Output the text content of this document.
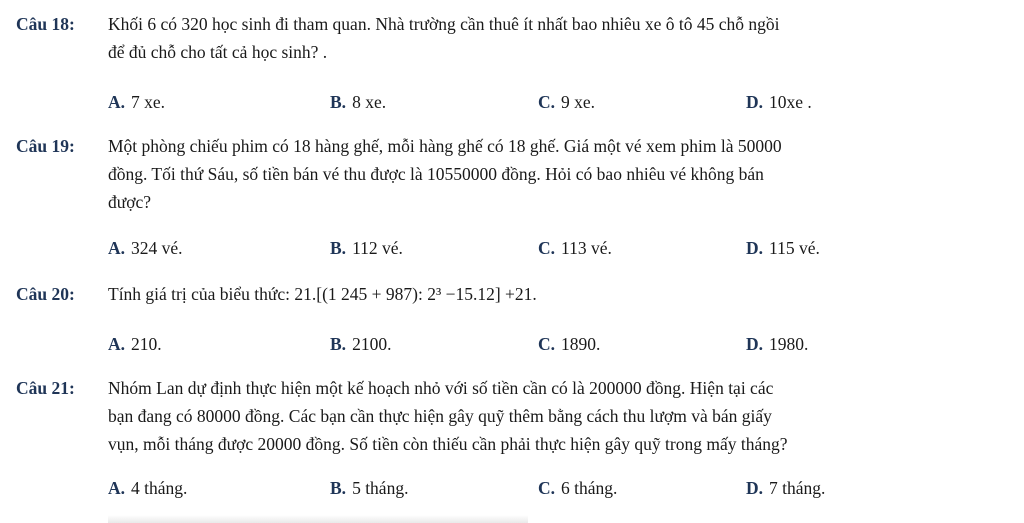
Câu 18: Khối 6 có 320 học sinh đi tham quan. Nhà trường cần thuê ít nhất bao nhiêu xe ô tô 45 chỗ ngồi
để đủ chỗ cho tất cả học sinh? .
A. 7 xe.	B. 8 xe.	C. 9 xe.	D. 10xe .
Câu 19: Một phòng chiếu phim có 18 hàng ghế, mỗi hàng ghế có 18 ghế. Giá một vé xem phim là 50000
đồng. Tối thứ Sáu, số tiền bán vé thu được là 10550000 đồng. Hỏi có bao nhiêu vé không bán
được?
A. 324 vé.	B. 112 vé.	C. 113 vé.	D. 115 vé.
Câu 20: Tính giá trị của biểu thức: 21.[(1 245 + 987): 2³ −15.12] +21.
A. 210.	B. 2100.	C. 1890.	D. 1980.
Câu 21: Nhóm Lan dự định thực hiện một kế hoạch nhỏ với số tiền cần có là 200000 đồng. Hiện tại các
bạn đang có 80000 đồng. Các bạn cần thực hiện gây quỹ thêm bằng cách thu lượm và bán giấy
vụn, mỗi tháng được 20000 đồng. Số tiền còn thiếu cần phải thực hiện gây quỹ trong mấy tháng?
A. 4 tháng.	B. 5 tháng.	C. 6 tháng.	D. 7 tháng.
